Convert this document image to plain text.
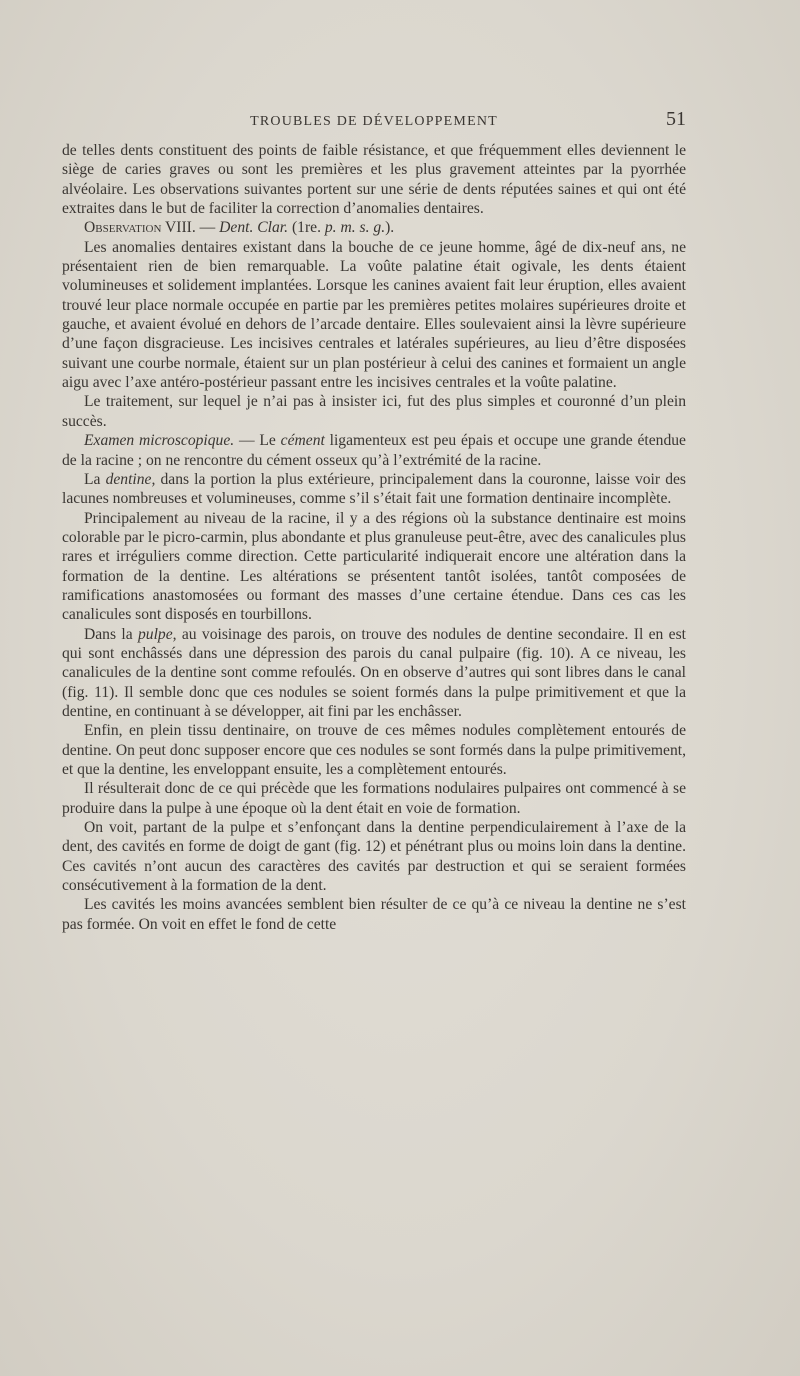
TROUBLES DE DÉVELOPPEMENT	51

de telles dents constituent des points de faible résistance, et que fréquemment elles deviennent le siège de caries graves ou sont les premières et les plus gravement atteintes par la pyorrhée alvéolaire. Les observations suivantes portent sur une série de dents réputées saines et qui ont été extraites dans le but de faciliter la correction d’anomalies dentaires.

Observation VIII. — Dent. Clar. (1re. p. m. s. g.).

Les anomalies dentaires existant dans la bouche de ce jeune homme, âgé de dix-neuf ans, ne présentaient rien de bien remarquable. La voûte palatine était ogivale, les dents étaient volumineuses et solidement implantées. Lorsque les canines avaient fait leur éruption, elles avaient trouvé leur place normale occupée en partie par les premières petites molaires supérieures droite et gauche, et avaient évolué en dehors de l’arcade dentaire. Elles soulevaient ainsi la lèvre supérieure d’une façon disgracieuse. Les incisives centrales et latérales supérieures, au lieu d’être disposées suivant une courbe normale, étaient sur un plan postérieur à celui des canines et formaient un angle aigu avec l’axe antéro-postérieur passant entre les incisives centrales et la voûte palatine.

Le traitement, sur lequel je n’ai pas à insister ici, fut des plus simples et couronné d’un plein succès.

Examen microscopique. — Le cément ligamenteux est peu épais et occupe une grande étendue de la racine ; on ne rencontre du cément osseux qu’à l’extrémité de la racine.

La dentine, dans la portion la plus extérieure, principalement dans la couronne, laisse voir des lacunes nombreuses et volumineuses, comme s’il s’était fait une formation dentinaire incomplète.

Principalement au niveau de la racine, il y a des régions où la substance dentinaire est moins colorable par le picro-carmin, plus abondante et plus granuleuse peut-être, avec des canalicules plus rares et irréguliers comme direction. Cette particularité indiquerait encore une altération dans la formation de la dentine. Les altérations se présentent tantôt isolées, tantôt composées de ramifications anastomosées ou formant des masses d’une certaine étendue. Dans ces cas les canalicules sont disposés en tourbillons.

Dans la pulpe, au voisinage des parois, on trouve des nodules de dentine secondaire. Il en est qui sont enchâssés dans une dépression des parois du canal pulpaire (fig. 10). A ce niveau, les canalicules de la dentine sont comme refoulés. On en observe d’autres qui sont libres dans le canal (fig. 11). Il semble donc que ces nodules se soient formés dans la pulpe primitivement et que la dentine, en continuant à se développer, ait fini par les enchâsser.

Enfin, en plein tissu dentinaire, on trouve de ces mêmes nodules complètement entourés de dentine. On peut donc supposer encore que ces nodules se sont formés dans la pulpe primitivement, et que la dentine, les enveloppant ensuite, les a complètement entourés.

Il résulterait donc de ce qui précède que les formations nodulaires pulpaires ont commencé à se produire dans la pulpe à une époque où la dent était en voie de formation.

On voit, partant de la pulpe et s’enfonçant dans la dentine perpendiculairement à l’axe de la dent, des cavités en forme de doigt de gant (fig. 12) et pénétrant plus ou moins loin dans la dentine. Ces cavités n’ont aucun des caractères des cavités par destruction et qui se seraient formées consécutivement à la formation de la dent.

Les cavités les moins avancées semblent bien résulter de ce qu’à ce niveau la dentine ne s’est pas formée. On voit en effet le fond de cette
